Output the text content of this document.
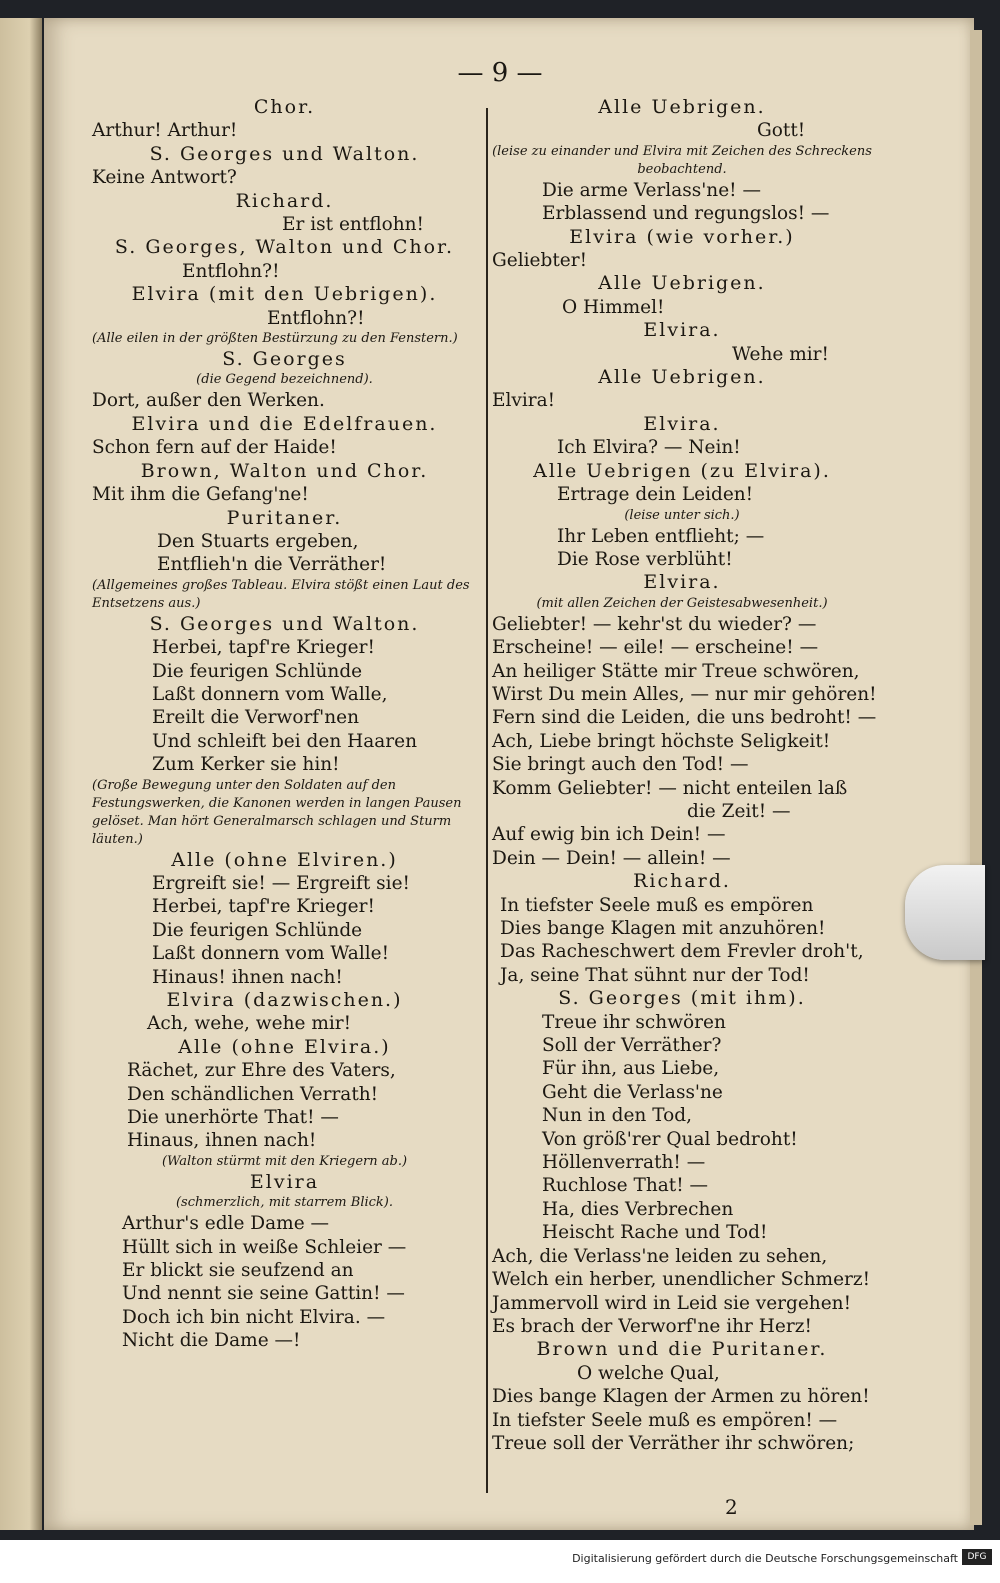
— 9 —
Chor.
Arthur! Arthur!
S. Georges und Walton.
Keine Antwort?
Richard.
Er ist entflohn!
S. Georges, Walton und Chor.
Entflohn?!
Elvira (mit den Uebrigen).
Entflohn?!
(Alle eilen in der größten Bestürzung zu den Fenstern.)
S. Georges
(die Gegend bezeichnend).
Dort, außer den Werken.
Elvira und die Edelfrauen.
Schon fern auf der Haide!
Brown, Walton und Chor.
Mit ihm die Gefang'ne!
Puritaner.
Den Stuarts ergeben,
Entflieh'n die Verräther!
(Allgemeines großes Tableau. Elvira stößt einen Laut des Entsetzens aus.)
S. Georges und Walton.
Herbei, tapf're Krieger!
Die feurigen Schlünde
Laßt donnern vom Walle,
Ereilt die Verworf'nen
Und schleift bei den Haaren
Zum Kerker sie hin!
(Große Bewegung unter den Soldaten auf den Festungswerken, die Kanonen werden in langen Pausen gelöset. Man hört Generalmarsch schlagen und Sturm läuten.)
Alle (ohne Elviren.)
Ergreift sie! — Ergreift sie!
Herbei, tapf're Krieger!
Die feurigen Schlünde
Laßt donnern vom Walle!
Hinaus! ihnen nach!
Elvira (dazwischen.)
Ach, wehe, wehe mir!
Alle (ohne Elvira.)
Rächet, zur Ehre des Vaters,
Den schändlichen Verrath!
Die unerhörte That! —
Hinaus, ihnen nach!
(Walton stürmt mit den Kriegern ab.)
Elvira
(schmerzlich, mit starrem Blick).
Arthur's edle Dame —
Hüllt sich in weiße Schleier —
Er blickt sie seufzend an
Und nennt sie seine Gattin! —
Doch ich bin nicht Elvira. —
Nicht die Dame —!
Alle Uebrigen.
Gott!
(leise zu einander und Elvira mit Zeichen des Schreckens beobachtend.
Die arme Verlass'ne! —
Erblassend und regungslos! —
Elvira (wie vorher.)
Geliebter!
Alle Uebrigen.
O Himmel!
Elvira.
Wehe mir!
Alle Uebrigen.
Elvira!
Elvira.
Ich Elvira? — Nein!
Alle Uebrigen (zu Elvira).
Ertrage dein Leiden!
(leise unter sich.)
Ihr Leben entflieht; —
Die Rose verblüht!
Elvira.
(mit allen Zeichen der Geistesabwesenheit.)
Geliebter! — kehr'st du wieder? —
Erscheine! — eile! — erscheine! —
An heiliger Stätte mir Treue schwören,
Wirst Du mein Alles, — nur mir gehören!
Fern sind die Leiden, die uns bedroht! —
Ach, Liebe bringt höchste Seligkeit!
Sie bringt auch den Tod! —
Komm Geliebter! — nicht enteilen laß
die Zeit! —
Auf ewig bin ich Dein! —
Dein — Dein! — allein! —
Richard.
In tiefster Seele muß es empören
Dies bange Klagen mit anzuhören!
Das Racheschwert dem Frevler droh't,
Ja, seine That sühnt nur der Tod!
S. Georges (mit ihm).
Treue ihr schwören
Soll der Verräther?
Für ihn, aus Liebe,
Geht die Verlass'ne
Nun in den Tod,
Von größ'rer Qual bedroht!
Höllenverrath! —
Ruchlose That! —
Ha, dies Verbrechen
Heischt Rache und Tod!
Ach, die Verlass'ne leiden zu sehen,
Welch ein herber, unendlicher Schmerz!
Jammervoll wird in Leid sie vergehen!
Es brach der Verworf'ne ihr Herz!
Brown und die Puritaner.
O welche Qual,
Dies bange Klagen der Armen zu hören!
In tiefster Seele muß es empören! —
Treue soll der Verräther ihr schwören;
2
Digitalisierung gefördert durch die Deutsche Forschungsgemeinschaft	DFG
